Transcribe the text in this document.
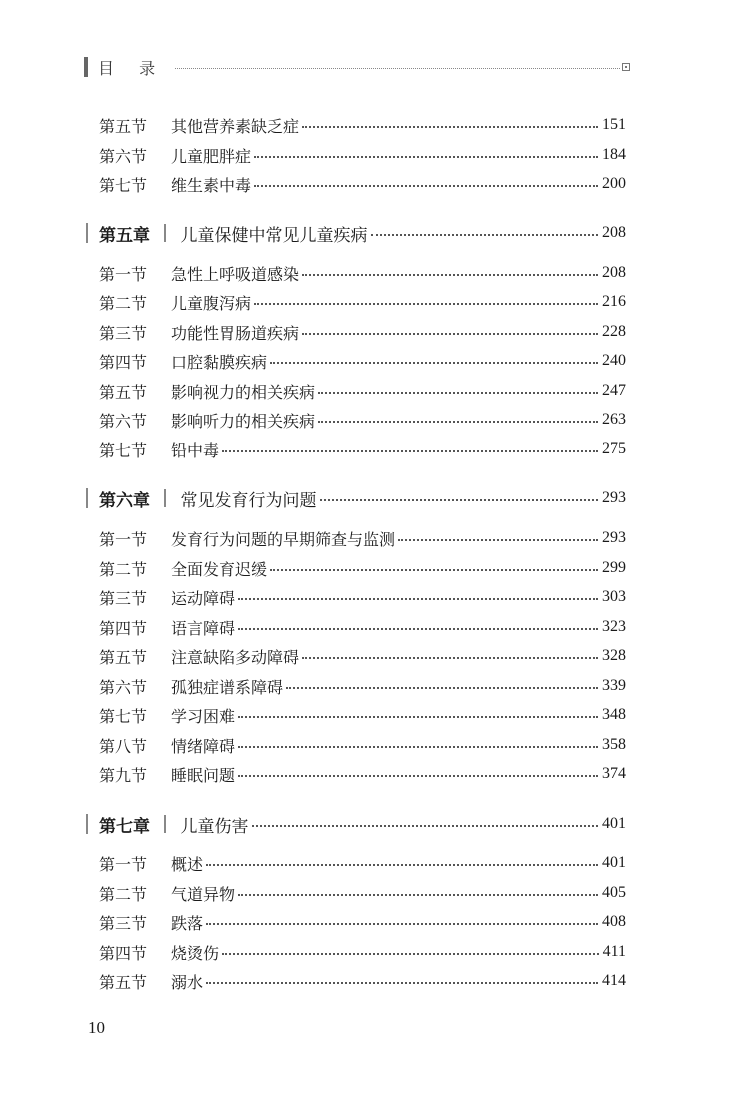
目 录
第五节	其他营养素缺乏症	151
第六节	儿童肥胖症	184
第七节	维生素中毒	200
第五章 儿童保健中常见儿童疾病	208
第一节	急性上呼吸道感染	208
第二节	儿童腹泻病	216
第三节	功能性胃肠道疾病	228
第四节	口腔黏膜疾病	240
第五节	影响视力的相关疾病	247
第六节	影响听力的相关疾病	263
第七节	铅中毒	275
第六章 常见发育行为问题	293
第一节	发育行为问题的早期筛查与监测	293
第二节	全面发育迟缓	299
第三节	运动障碍	303
第四节	语言障碍	323
第五节	注意缺陷多动障碍	328
第六节	孤独症谱系障碍	339
第七节	学习困难	348
第八节	情绪障碍	358
第九节	睡眠问题	374
第七章 儿童伤害	401
第一节	概述	401
第二节	气道异物	405
第三节	跌落	408
第四节	烧烫伤	411
第五节	溺水	414
10
